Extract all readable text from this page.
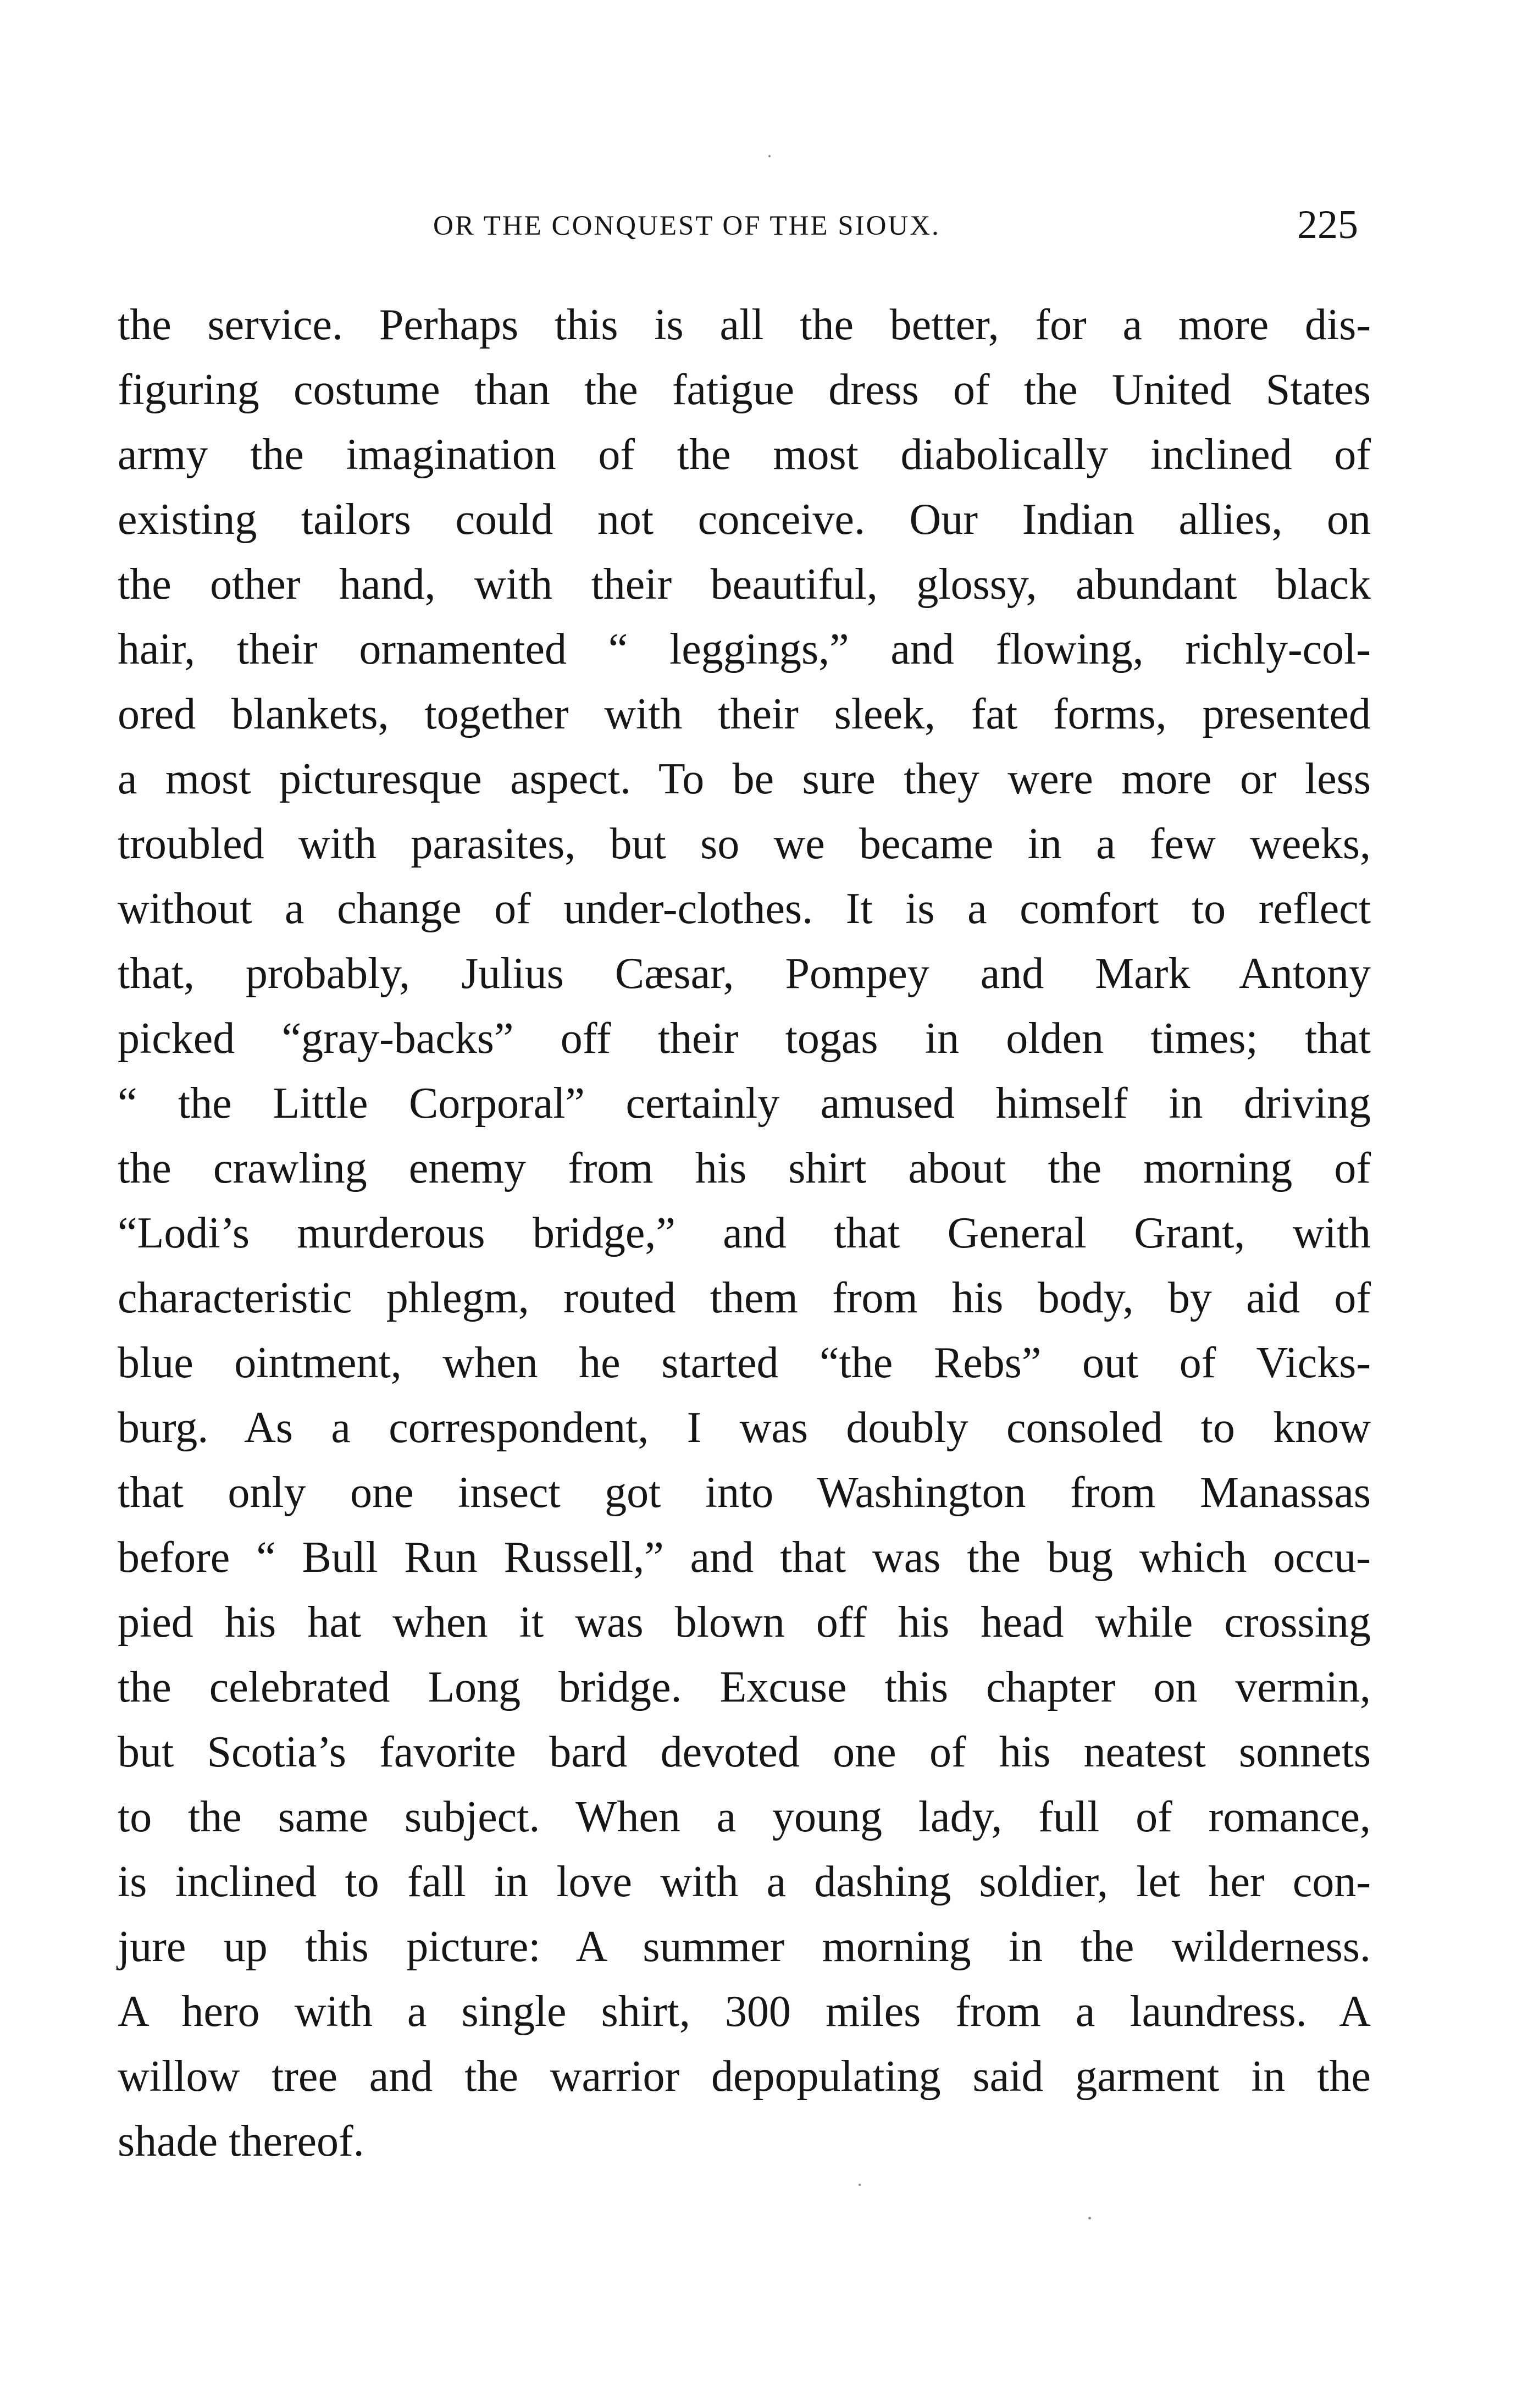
OR THE CONQUEST OF THE SIOUX.	225
the service. Perhaps this is all the better, for a more dis-
figuring costume than the fatigue dress of the United States
army the imagination of the most diabolically inclined of
existing tailors could not conceive. Our Indian allies, on
the other hand, with their beautiful, glossy, abundant black
hair, their ornamented “ leggings,” and flowing, richly-col-
ored blankets, together with their sleek, fat forms, presented
a most picturesque aspect. To be sure they were more or less
troubled with parasites, but so we became in a few weeks,
without a change of under-clothes. It is a comfort to reflect
that, probably, Julius Cæsar, Pompey and Mark Antony
picked “gray-backs” off their togas in olden times; that
“ the Little Corporal” certainly amused himself in driving
the crawling enemy from his shirt about the morning of
“Lodi’s murderous bridge,” and that General Grant, with
characteristic phlegm, routed them from his body, by aid of
blue ointment, when he started “the Rebs” out of Vicks-
burg. As a correspondent, I was doubly consoled to know
that only one insect got into Washington from Manassas
before “ Bull Run Russell,” and that was the bug which occu-
pied his hat when it was blown off his head while crossing
the celebrated Long bridge. Excuse this chapter on vermin,
but Scotia’s favorite bard devoted one of his neatest sonnets
to the same subject. When a young lady, full of romance,
is inclined to fall in love with a dashing soldier, let her con-
jure up this picture: A summer morning in the wilderness.
A hero with a single shirt, 300 miles from a laundress. A
willow tree and the warrior depopulating said garment in the
shade thereof.
